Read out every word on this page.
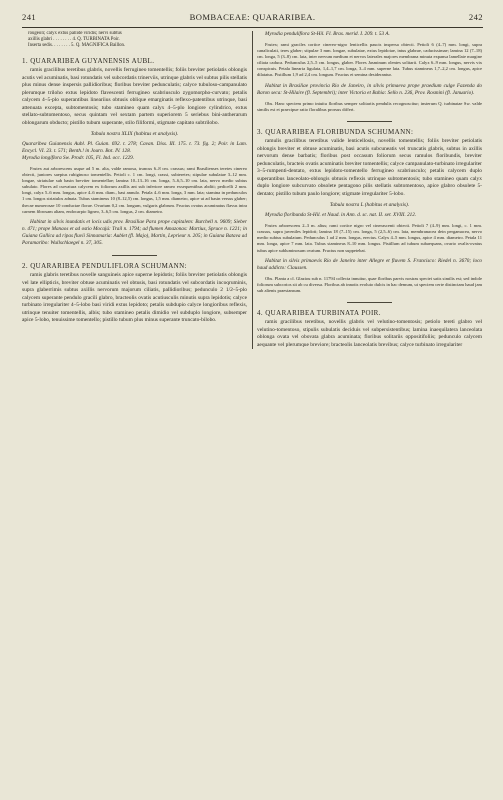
241	BOMBACEAE: QUARARIBEA.	242
rougeoli; calyx extus pallide viridis; nervi subtus
axillis glabri . . . . . . . . 4. Q. TURBINATA Poir.
Inserta sedis. . . . . . . . 5. Q. MAGNIFICA Baillon.

1. QUARARIBEA GUYANENSIS AUBL.

ramis gracilibus teretibus glabris, novellis ferrugineo tomentellis; foliis breviter petiolatis oblongis acutis vel acuminatis, basi rotundatis vel subcordatis trinerviis, utrinque glabris vel subtus pilis stellatis plus minus dense inspersis pallidioribus; floribus breviter pedunculatis; calyce tubuloso-campanulato plerumque triloho extus lepidoto flavescenti ferrugineo scabriusculo zygomorpho-curvato; petalis calycem 4–5-plo superantibus lineariius obtusis oblique emarginatis reflexo-patentibus utrinque, basi attenuata excepta, subtomentosis; tubo stamineo quam calyx 4–5-plo longiore cylindrico, extus stellato-subtomentoso, secus quintam vel sextam partem superiorem 5 seriebus bini-antherarum oblongarum obducto; pistillo tubum superante, stilo filiformi, stigmate capitato subtrilobo.

Tabula nostra XLIX (habitus et analysis).

Quararibea Guianensis Aubl. Pl. Guian. 692. t. 278; Cavan. Diss. III. 175. t. 73. fig. 2; Poir. in Lam. Encycl. VI. 23. t. 571; Benth.! in Journ. Bot. IV. 128.

Myrodia longiflora Sw. Prodr. 105, Fl. Ind. occ. 1229.

Frutex aut arborescens usque ad 5 m. alta, valde ramosa, truncus 6–8 cm. crassus; rami Brasilienses teretes cinereo obtecti, juniores saepius rubiginoso tomentellis. Petioli c. 1 cm. longi, crassi, subteretes; stipulae subulatae 3–12 mm. longae, striatulae sub basin breviter tomentellae; lamina 10–13–16 cm. longa, 5–6,5–10 cm. lata, nervo medio subtus subulato. Flores ad curvatura calycem ex foliorum axillis ant sub inferiore rameo exsequentibus abditi; pedicelli 2 mm. longi, calyx 5–6 mm. longus, apice 4–6 mm. diam., basi annulo. Petala 4–6 mm. longa, 3 mm. lata; stamina in pedunculos 1 cm. longos striatulos adnata. Tubus stamineus 10 (8–12,5) cm. longus, 1,5 mm. diametro, apice ut ad basin versus glaber; thecae numerosae 10 conductae florae. Ovarium 0,2 cm. longum, vulgaris glabrum. Fructus ovatus acuminatus flavus intra carnem fibrosam altam, endocarpio ligneo, 3–6,5 cm. longus, 2 cm. diametro.

Habitat in silvis inundatis et locis udis prov. Brasiliae Para prope capitalem: Burchell n. 9609; Sieber n. 471; prope Manaos et ad ostio Mocajú: Trail n. 1794; ad flumen Amazonas: Martius, Spruce n. 1221; in Guiana Gallica ad ripas fluvii Sinnamaria: Aublet (fl. Majo), Martin, Leprieur n. 205; in Guiana Batava ad Paramaribo: Wullschlaegel n. 37, 305.

2. QUARARIBEA PENDULIFLORA SCHUMANN:

ramis glabris teretibus novelle sanguineis apice superne lepidotis; foliis breviter petiolatis oblongis vel late ellipticis, breviter obtuse acuminatis vel obtusis, basi rotundatis vel subcordatis incoqruminis, supra glaberrimis subtus axillis nervorum majorum ciliatis, pallidioribus; pedunculo 2 1/2–5-plo calycem superante pendulo gracili glabro, bracteolis ovatis acutiusculis minutis supra lepidotis; calyce turbinato irregulariter 4–5-lobo basi viridi extus lepidoto; petalis subdupio calyce longioribus reflexis, utrinque tenuiter tomentellis, albis; tubo stamineo petalis dimidio vel subduplo longiore, subsemper apice 5-lobo, tenuissime tomentello; pistillo tubum plus minus superante truncato-bilobo.

Myrodia penduliflora St-Hil. Fl. Bras. merid. I. 209. t. 53 A.

Frutex; rami graciles cortice cinereo-nigro lenticellis paucis inspersa obtecti. Petioli 6 (4–7) mm. longi, supra canaliculati, teres glaber; stipulae 3 mm. longae, subulatae, extus lepidotae, intus glabrae, caducissimae; lamina 12 (7–18) cm. longa, 5 (3–8) cm. lata, inter nervum medium et nervos laterales majores membrana minuta expansa lamellate margine ciliata caduca. Pedunculus 2,5–5 cm. longus, glaber. Flores Jasminum olentes solitarii. Calyx 6–9 mm. longus, nervis vix conspicuis. Petala linearia ligulata, 1,4–1,7 cm. longa, 3–4 mm. superne lata. Tubus stamineus 1,7–2,2 cm. longus, apice dilatatus. Pistillum 1,9 ad 2,4 cm. longum. Fructus et semina desiderantur.

Habitat in Brasiliae provincia Rio de Janeiro, in silvis primaeva prope praedium culge Fazenda do Baron seca: St-Hilaire (fl. Septembri); inter Victoria et Bahia: Sello n. 236, Prov. Rosmini (fl. Januario).

Obs. Hanc speciem primo intuitu floribus semper solitariis pendulis recognoscitur; insterum Q. turbinatae Sw. valde similis est et praecipue ratio floralibus prorsus differt.

3. QUARARIBEA FLORIBUNDA SCHUMANN:

ramulis gracilibus teretibus valide lenticellosis, novellis tomentellis; foliis breviter petiolatis oblongis breviter et obtuse acuminatis, basi acutis subcuneatis vel truncatis glabris, subtus in axillis nervorum dense barbatis; floribus post occasum foliorum secus ramulos floribundis, breviter pedunculatis, bracteis ovatis acuminatis breviter tomentellis; calyce campanulato-turbinato irregulariter 3–5-rumpenti-dentato, extus lepidoto-tomentello ferrugineo scabriusculo; petalis calycem duplo superantibus lanceolato-oblongis obtusis reflexis utrinque subtomentosis; tubo stamineo quam calyx duplo longiore subcurvato obsolete pentagono pilis stellatis subtomentoso, apice glabro obsolete 5-dentato; pistillo tubum paulo longiore; stigmate irregulariter 5-lobo.

Tabula nostra L (habitus et analysis).

Myrodia floribunda St-Hil. et Naud. in Ann. d. sc. nat. II. ser. XVIII. 212.

Frutex arborescens 2–3 m. altus; rami cortice nigro vel cinerascenti obtecti. Petioli 7 (4–9) mm. longi, c. 1 mm. crassus, supra juveniles lepidoti; lamina 18 (7–15) cm. longa, 5 (2,5–6) cm. lata, membranacea dein pergamacea, nervo medio subtus subulatum. Pedunculus 1 ad 2 mm. longus, erectus. Calyx 4–5 mm. longus, apice 4 mm. diametro. Petala 11 mm. longa, apice 7 mm. lata. Tubus stamineus 8–10 mm. longus. Pistillum ad tubum subaequans, ovario ovalis-ovatus tubus apice subluminosum ovatum. Fructus non suppetebat.

Habitat in silvis primaevis Rio de Janeiro inter Allegre et fluvem S. Francisco: Riedel n. 3670; loco haud addicto: Claussen.

Obs. Planta a cl. Glaziou sub n. 11794 collecta innuitur, quae floribus parvis nostras speciei satis similis est; sed indole foliorum subcorios sit ab cu diversa. Floribus ab innotis evoluto dulcis in hac demum, ut speciem certe distinctam haud jam sub alienis praestansum.

4. QUARARIBEA TURBINATA POIR.

ramis gracilibus teretibus, novellis glabris vel velutino-tomentosis; petiolo tereti glabro vel velutino-tomentoso, stipulis subulatis deciduis vel subpersistentibus; lamina inaequilatera lanceolata oblonga ovata vel obovata glabra acuminata; floribus solitariis oppositifoliis; pedunculo calycem aequante vel plerumque breviore; bracteolis lanceolatis brevibus; calyce turbinato irregulariter
